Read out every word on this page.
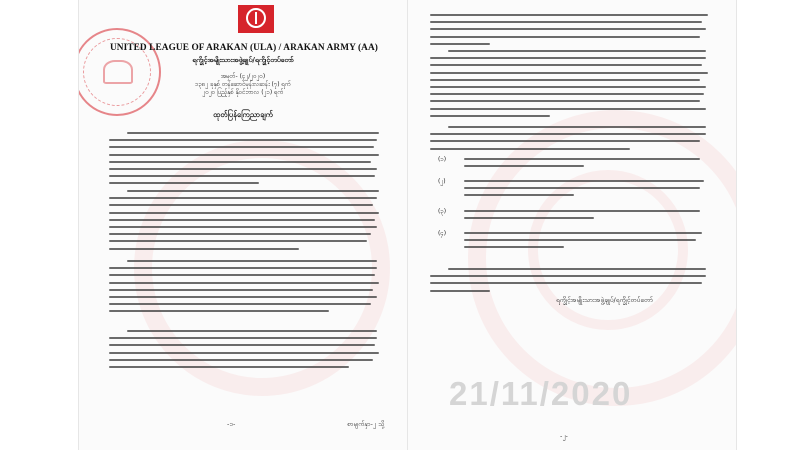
UNITED LEAGUE OF ARAKAN (ULA) / ARAKAN ARMY (AA)
ရက္ခိုင့်အမျိုးသားအဖွဲ့ချုပ်/ရက္ခိုင့်တပ်တော်
အမှတ်- (၄၂/၂၀၂၀)
၁၃၈၂ ခုနှစ် တန်ဆောင်မုန်းလဆန်း (၇) ရက်
၂၀၂၀ ပြည့်နှစ် နိုဝင်ဘာလ (၂၁) ရက်
ထုတ်ပြန်ကြေညာချက်
-၁-	စာမျက်နှာ-၂ သို့
(၁)
(၂)
(၃)
(၄)
ရက္ခိုင့်အမျိုးသားအဖွဲ့ချုပ်/ရက္ခိုင့်တပ်တော်
-၂-
21/11/2020
